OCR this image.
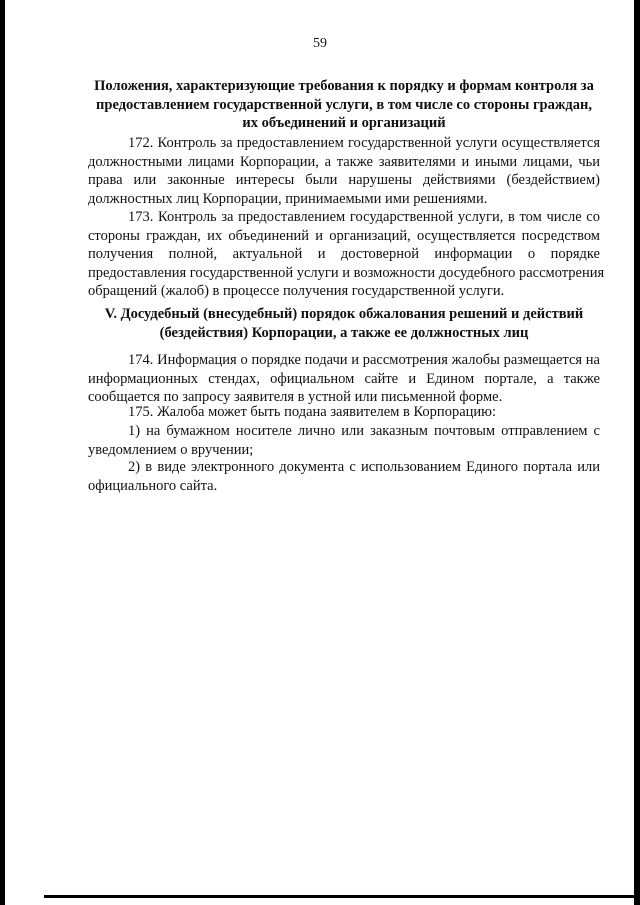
59
Положения, характеризующие требования к порядку и формам контроля за
предоставлением государственной услуги, в том числе со стороны граждан,
их объединений и организаций
172. Контроль за предоставлением государственной услуги осуществляется
должностными лицами Корпорации, а также заявителями и иными лицами, чьи
права или законные интересы были нарушены действиями (бездействием)
должностных лиц Корпорации, принимаемыми ими решениями.
173. Контроль за предоставлением государственной услуги, в том числе со
стороны граждан, их объединений и организаций, осуществляется посредством
получения полной, актуальной и достоверной информации о порядке
предоставления государственной услуги и возможности досудебного рассмотрения
обращений (жалоб) в процессе получения государственной услуги.
V. Досудебный (внесудебный) порядок обжалования решений и действий
(бездействия) Корпорации, а также ее должностных лиц
174. Информация о порядке подачи и рассмотрения жалобы размещается на
информационных стендах, официальном сайте и Едином портале, а также
сообщается по запросу заявителя в устной или письменной форме.
175. Жалоба может быть подана заявителем в Корпорацию:
1) на бумажном носителе лично или заказным почтовым отправлением с
уведомлением о вручении;
2) в виде электронного документа с использованием Единого портала или
официального сайта.
